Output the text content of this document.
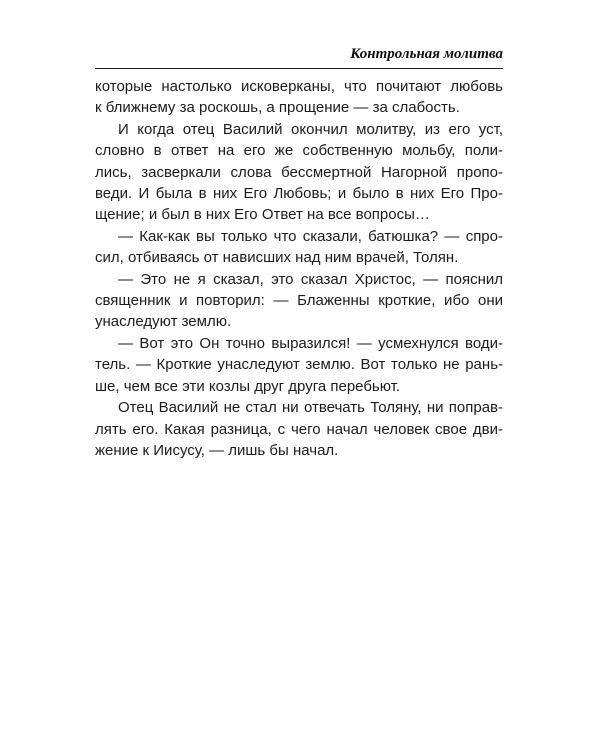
Контрольная молитва
которые настолько исковерканы, что почитают любовь
к ближнему за роскошь, а прощение — за слабость.
И когда отец Василий окончил молитву, из его уст,
словно в ответ на его же собственную мольбу, поли-
лись, засверкали слова бессмертной Нагорной пропо-
веди. И была в них Его Любовь; и было в них Его Про-
щение; и был в них Его Ответ на все вопросы…
— Как-как вы только что сказали, батюшка? — спро-
сил, отбиваясь от нависших над ним врачей, Толян.
— Это не я сказал, это сказал Христос, — пояснил
священник и повторил: — Блаженны кроткие, ибо они
унаследуют землю.
— Вот это Он точно выразился! — усмехнулся води-
тель. — Кроткие унаследуют землю. Вот только не рань-
ше, чем все эти козлы друг друга перебьют.
Отец Василий не стал ни отвечать Толяну, ни поправ-
лять его. Какая разница, с чего начал человек свое дви-
жение к Иисусу, — лишь бы начал.
